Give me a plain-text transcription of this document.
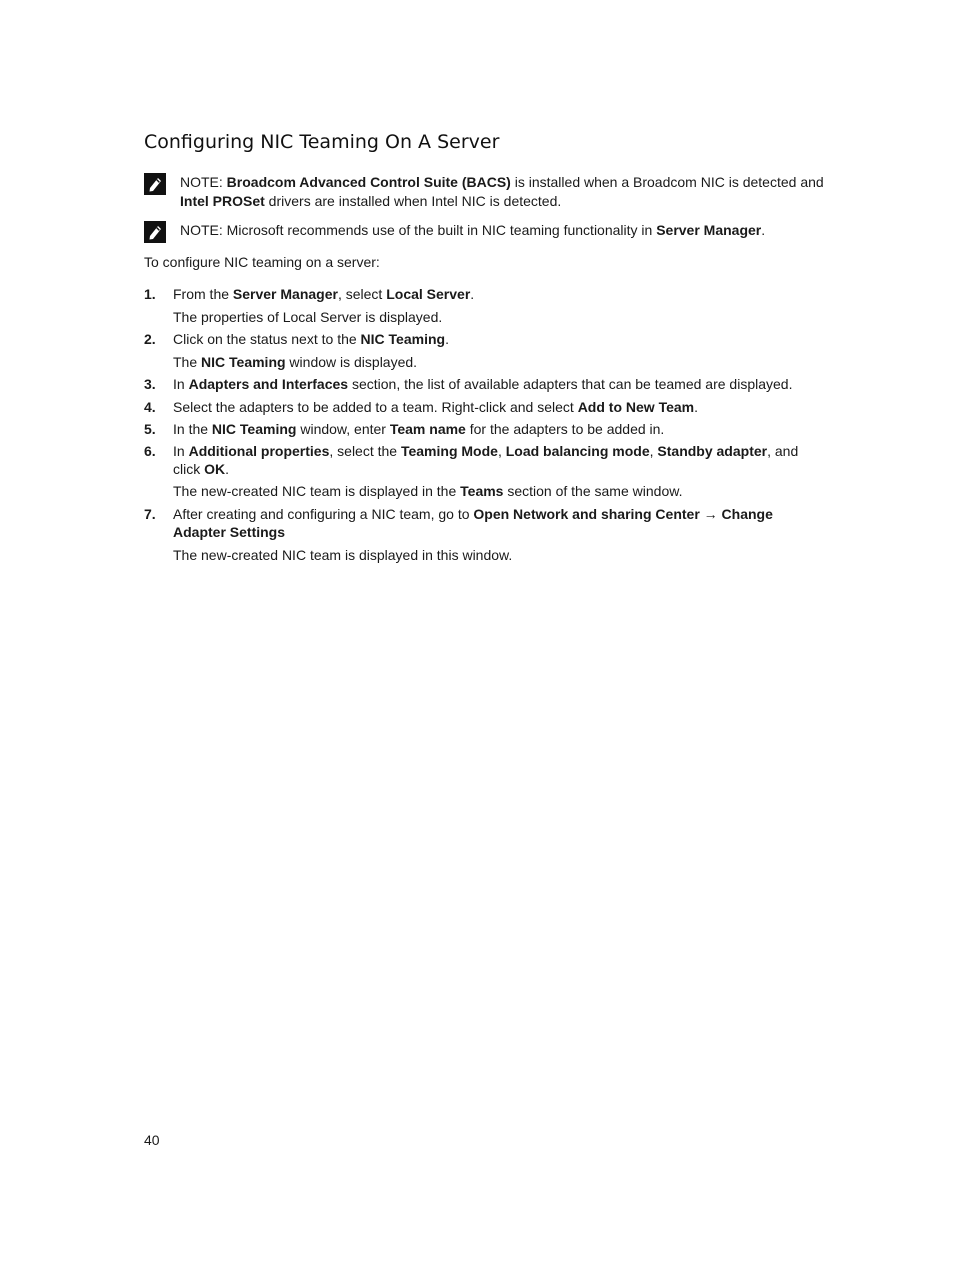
Configuring NIC Teaming On A Server
NOTE: Broadcom Advanced Control Suite (BACS) is installed when a Broadcom NIC is detected and Intel PROSet drivers are installed when Intel NIC is detected.
NOTE: Microsoft recommends use of the built in NIC teaming functionality in Server Manager.
To configure NIC teaming on a server:
1. From the Server Manager, select Local Server.
The properties of Local Server is displayed.
2. Click on the status next to the NIC Teaming.
The NIC Teaming window is displayed.
3. In Adapters and Interfaces section, the list of available adapters that can be teamed are displayed.
4. Select the adapters to be added to a team. Right-click and select Add to New Team.
5. In the NIC Teaming window, enter Team name for the adapters to be added in.
6. In Additional properties, select the Teaming Mode, Load balancing mode, Standby adapter, and click OK.
The new-created NIC team is displayed in the Teams section of the same window.
7. After creating and configuring a NIC team, go to Open Network and sharing Center → Change Adapter Settings
The new-created NIC team is displayed in this window.
40
